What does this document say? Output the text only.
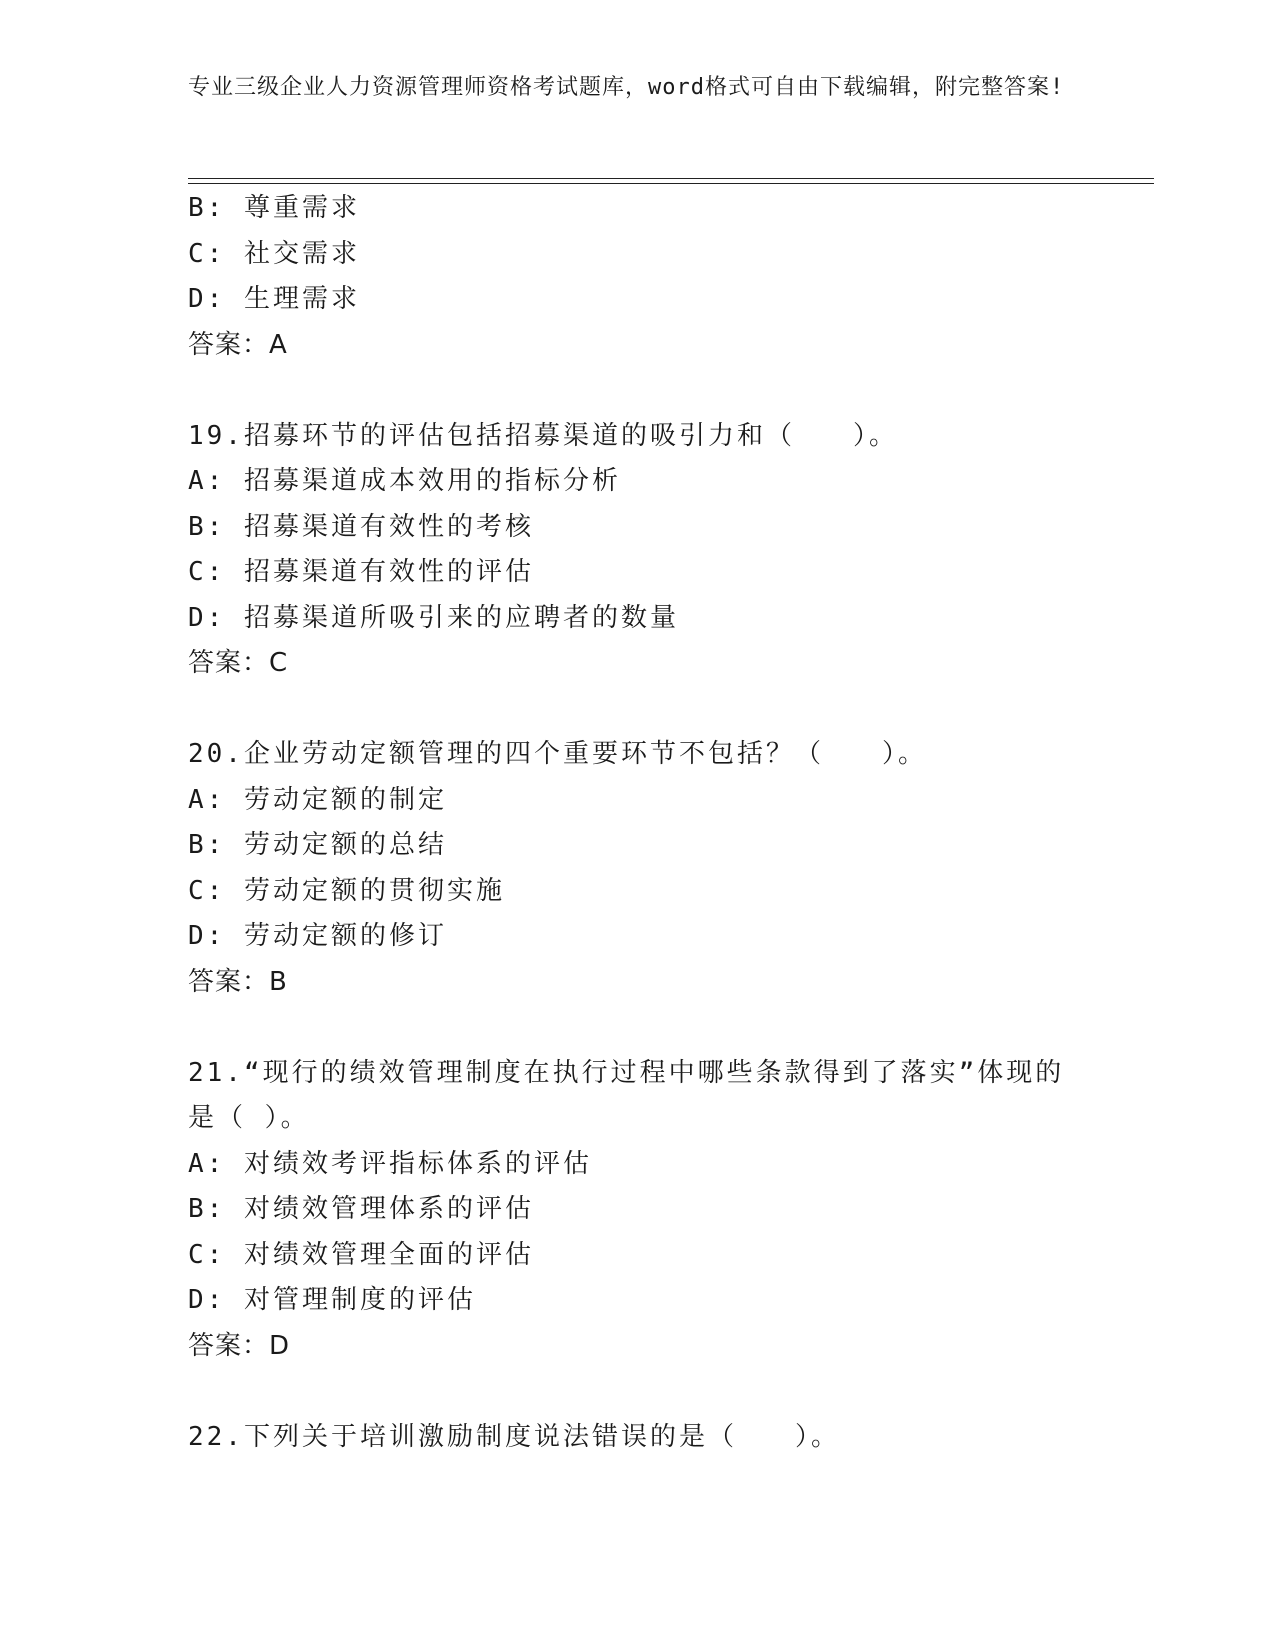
专业三级企业人力资源管理师资格考试题库，word格式可自由下载编辑，附完整答案!
B: 尊重需求
C: 社交需求
D: 生理需求
答案：A
19.招募环节的评估包括招募渠道的吸引力和（　　）。
A: 招募渠道成本效用的指标分析
B: 招募渠道有效性的考核
C: 招募渠道有效性的评估
D: 招募渠道所吸引来的应聘者的数量
答案：C
20.企业劳动定额管理的四个重要环节不包括？（　　）。
A: 劳动定额的制定
B: 劳动定额的总结
C: 劳动定额的贯彻实施
D: 劳动定额的修订
答案：B
21.“现行的绩效管理制度在执行过程中哪些条款得到了落实”体现的
是（ ）。
A: 对绩效考评指标体系的评估
B: 对绩效管理体系的评估
C: 对绩效管理全面的评估
D: 对管理制度的评估
答案：D
22.下列关于培训激励制度说法错误的是（　　）。
